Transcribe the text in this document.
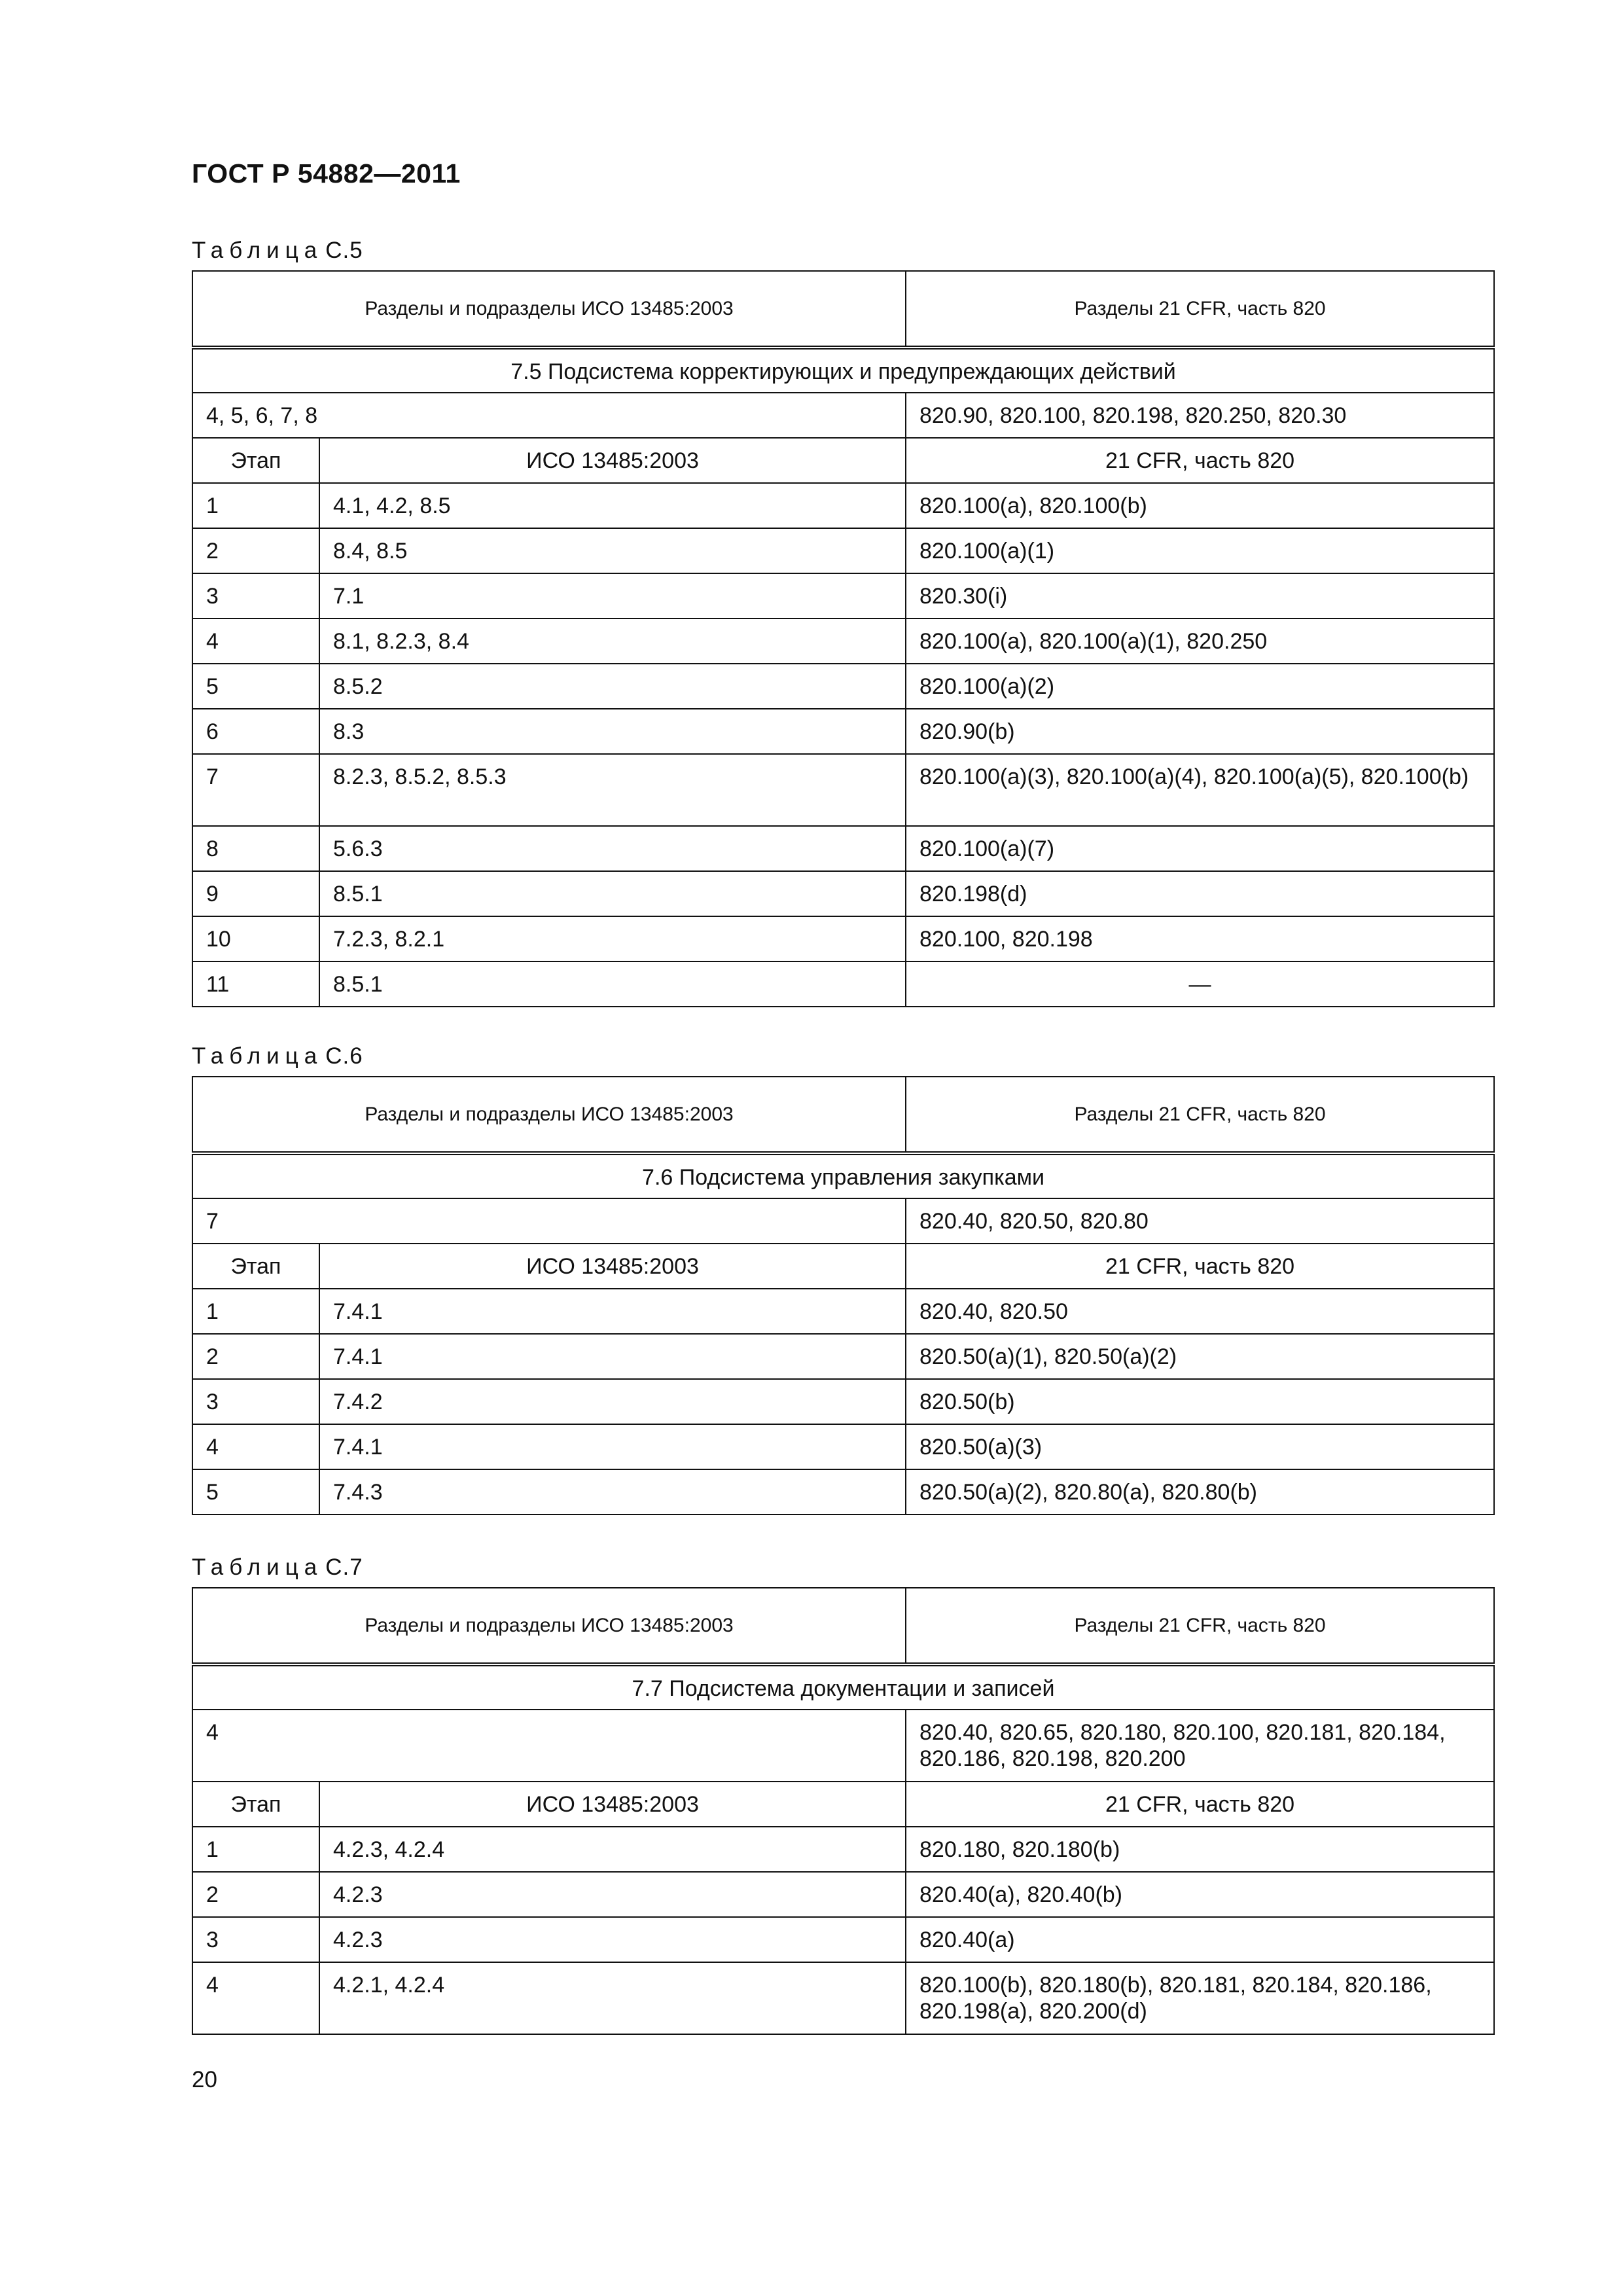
ГОСТ Р 54882—2011
Таблица С.5
Разделы и подразделы ИСО 13485:2003		Разделы 21 CFR, часть 820
7.5 Подсистема корректирующих и предупреждающих действий		
4, 5, 6, 7, 8		820.90, 820.100, 820.198, 820.250, 820.30
Этап	ИСО 13485:2003	21 CFR, часть 820
1	4.1, 4.2, 8.5	820.100(a), 820.100(b)
2	8.4, 8.5	820.100(a)(1)
3	7.1	820.30(i)
4	8.1, 8.2.3, 8.4	820.100(a), 820.100(a)(1), 820.250
5	8.5.2	820.100(a)(2)
6	8.3	820.90(b)
7	8.2.3, 8.5.2, 8.5.3	820.100(a)(3), 820.100(a)(4), 820.100(a)(5), 820.100(b)
8	5.6.3	820.100(a)(7)
9	8.5.1	820.198(d)
10	7.2.3, 8.2.1	820.100, 820.198
11	8.5.1	—
Таблица С.6
Разделы и подразделы ИСО 13485:2003		Разделы 21 CFR, часть 820
7.6 Подсистема управления закупками		
7		820.40, 820.50, 820.80
Этап	ИСО 13485:2003	21 CFR, часть 820
1	7.4.1	820.40, 820.50
2	7.4.1	820.50(a)(1), 820.50(a)(2)
3	7.4.2	820.50(b)
4	7.4.1	820.50(a)(3)
5	7.4.3	820.50(a)(2), 820.80(a), 820.80(b)
Таблица С.7
Разделы и подразделы ИСО 13485:2003		Разделы 21 CFR, часть 820
7.7 Подсистема документации и записей		
4		820.40, 820.65, 820.180, 820.100, 820.181, 820.184, 820.186, 820.198, 820.200
Этап	ИСО 13485:2003	21 CFR, часть 820
1	4.2.3, 4.2.4	820.180, 820.180(b)
2	4.2.3	820.40(a), 820.40(b)
3	4.2.3	820.40(a)
4	4.2.1, 4.2.4	820.100(b), 820.180(b), 820.181, 820.184, 820.186, 820.198(a), 820.200(d)
20
